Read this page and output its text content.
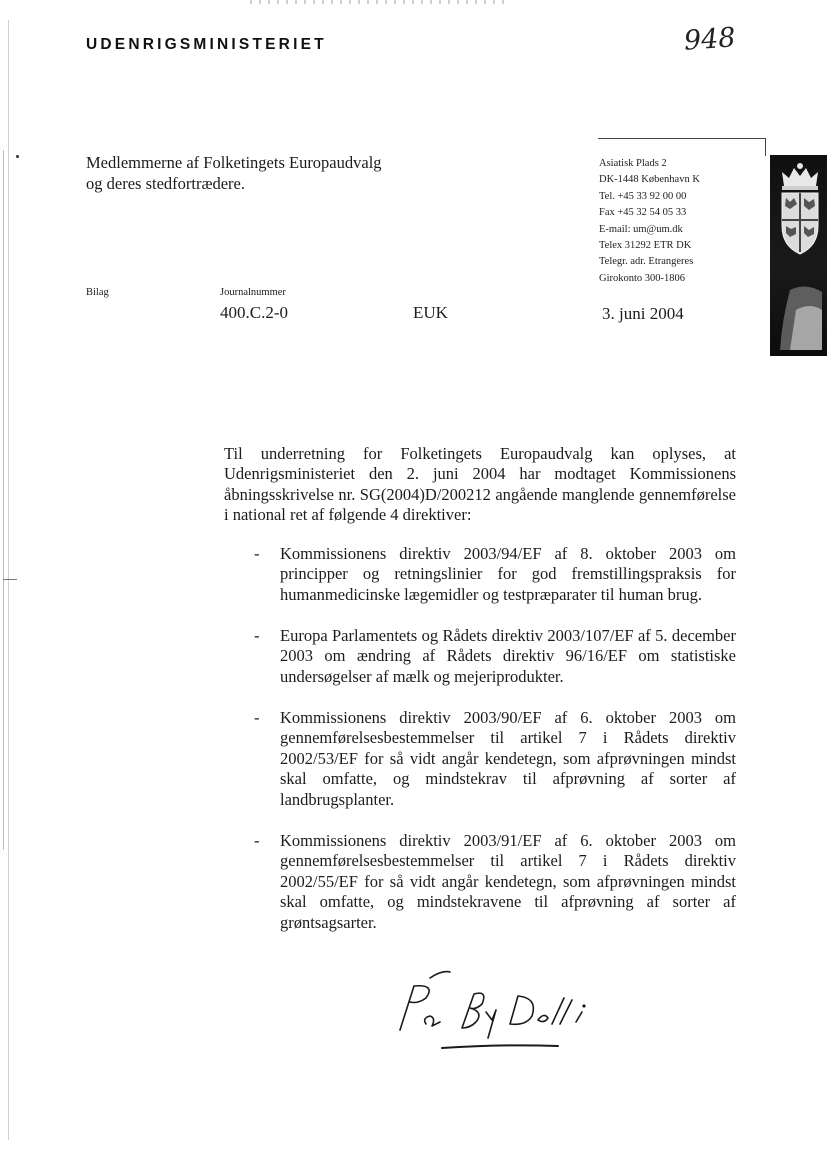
UDENRIGSMINISTERIET	948
Medlemmerne af Folketingets Europaudvalg
og deres stedfortrædere.
Asiatisk Plads 2
DK-1448 København K
Tel. +45 33 92 00 00
Fax +45 32 54 05 33
E-mail: um@um.dk
Telex 31292 ETR DK
Telegr. adr. Etrangeres
Girokonto 300-1806
Bilag	Journalnummer
400.C.2-0	EUK	3. juni 2004
Til underretning for Folketingets Europaudvalg kan oplyses, at Udenrigsministeriet den 2. juni 2004 har modtaget Kommissionens åbningsskrivelse nr. SG(2004)D/200212 angående manglende gennemførelse i national ret af følgende 4 direktiver:
-	Kommissionens direktiv 2003/94/EF af 8. oktober 2003 om principper og retningslinier for god fremstillingspraksis for humanmedicinske lægemidler og testpræparater til human brug.
-	Europa Parlamentets og Rådets direktiv 2003/107/EF af 5. december 2003 om ændring af Rådets direktiv 96/16/EF om statistiske undersøgelser af mælk og mejeriprodukter.
-	Kommissionens direktiv 2003/90/EF af 6. oktober 2003 om gennemførelsesbestemmelser til artikel 7 i Rådets direktiv 2002/53/EF for så vidt angår kendetegn, som afprøvningen mindst skal omfatte, og mindstekrav til afprøvning af sorter af landbrugsplanter.
-	Kommissionens direktiv 2003/91/EF af 6. oktober 2003 om gennemførelsesbestemmelser til artikel 7 i Rådets direktiv 2002/55/EF for så vidt angår kendetegn, som afprøvningen mindst skal omfatte, og mindstekravene til afprøvning af sorter af grøntsagsarter.
